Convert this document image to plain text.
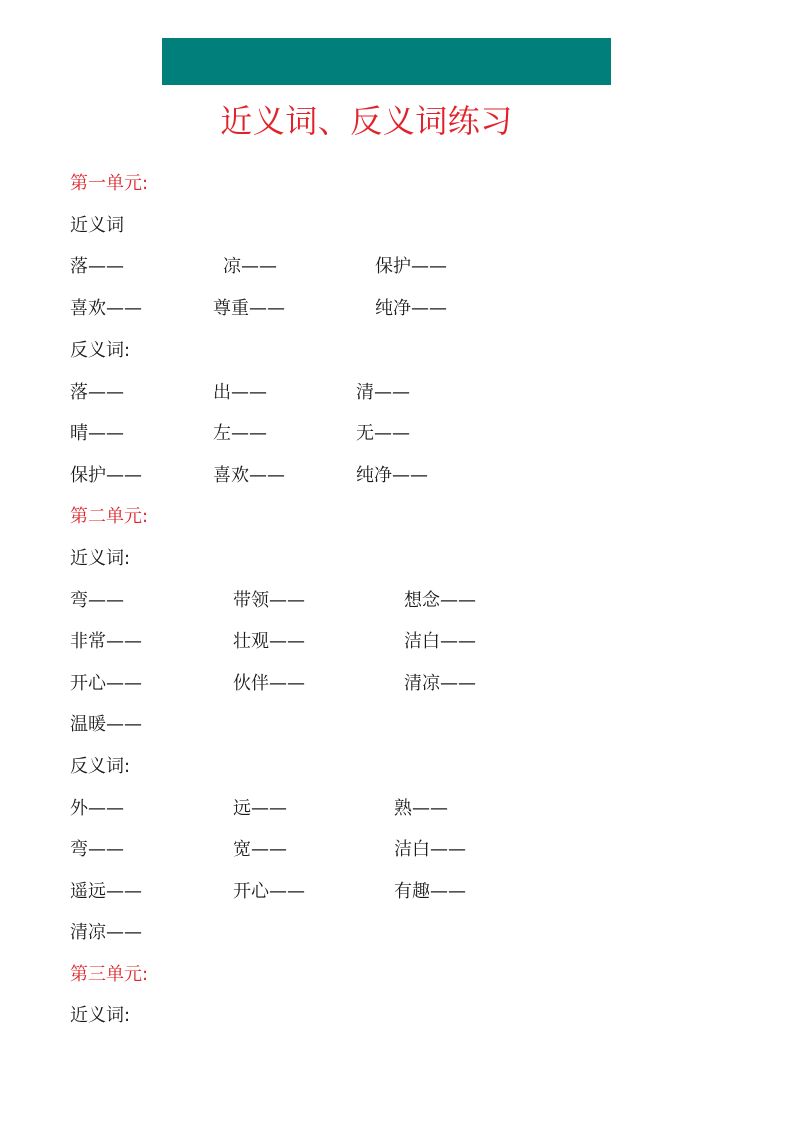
近义词、反义词练习
第一单元:
近义词
落——	凉——	保护——
喜欢——	尊重——	纯净——
反义词:
落——	出——	清——
晴——	左——	无——
保护——	喜欢——	纯净——
第二单元:
近义词:
弯——	带领——	想念——
非常——	壮观——	洁白——
开心——	伙伴——	清凉——
温暖——
反义词:
外——	远——	熟——
弯——	宽——	洁白——
遥远——	开心——	有趣——
清凉——
第三单元:
近义词:
